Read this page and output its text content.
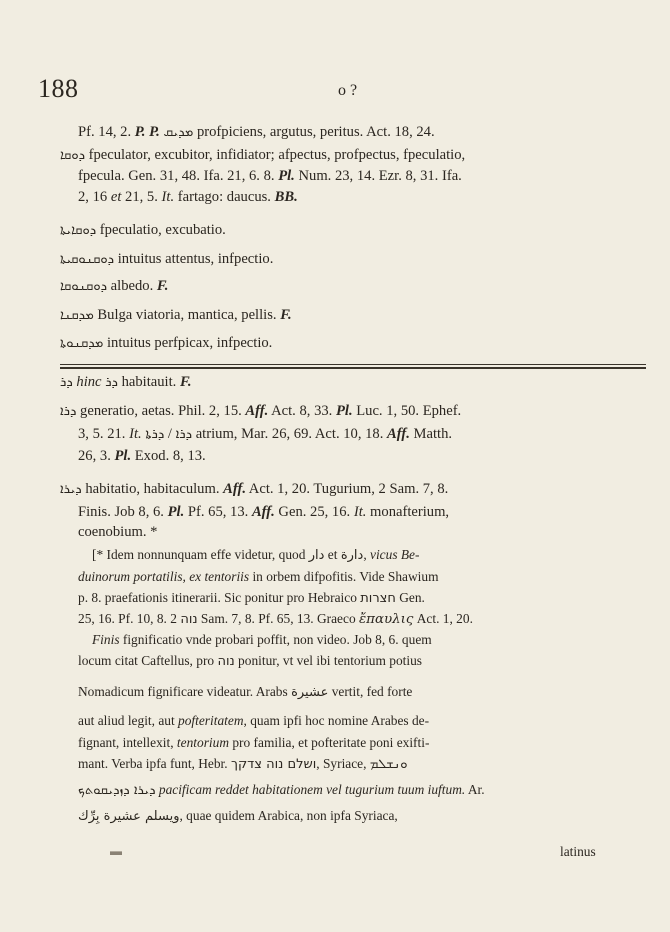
188	o ?
Pf. 14, 2. P. P. ܡܕܝܩ profpiciens, argutus, peritus. Act. 18, 24.
ܕܘܩܐ fpeculator, excubitor, infidiator; afpectus, profpectus, fpeculatio,
fpecula. Gen. 31, 48. Ifa. 21, 6. 8. Pl. Num. 23, 14. Ezr. 8, 31. Ifa.
2, 16 et 21, 5. It. fartago: daucus. BB.
ܕܘܩܐܝܬܐ fpeculatio, excubatio.
ܕܘܩܢܘܩܝܬܐ intuitus attentus, infpectio.
ܕܘܩܢܘܩܐ albedo. F.
ܡܕܩܢܐ Bulga viatoria, mantica, pellis. F.
ܡܕܩܢܘܬܐ intuitus perfpicax, infpectio.
ܕܪ hinc ܕܪ habitauit. F.
ܕܪܐ generatio, aetas. Phil. 2, 15. Aff. Act. 8, 33. Pl. Luc. 1, 50. Ephef.
3, 5. 21. It.	ܕܪܐ / ܕܪܬܐ atrium, Mar. 26, 69. Act. 10, 18. Aff. Matth.
26, 3. Pl. Exod. 8, 13.
ܕܝܪܐ habitatio, habitaculum. Aff. Act. 1, 20. Tugurium, 2 Sam. 7, 8.
Finis. Job 8, 6. Pl. Pf. 65, 13. Aff. Gen. 25, 16. It. monafterium,
coenobium. *
[* Idem nonnunquam effe videtur, quod دار et دارة, vicus Be-
duinorum portatilis, ex tentoriis in orbem difpofitis. Vide Shawium
p. 8. praefationis itinerarii. Sic ponitur pro Hebraico חצרות Gen.
25, 16. Pf. 10, 8. נוה 2 Sam. 7, 8. Pf. 65, 13. Graeco ἔπαυλις Act. 1, 20.
Finis fignificatio vnde probari poffit, non video. Job 8, 6. quem
locum citat Caftellus, pro נוה ponitur, vt vel ibi tentorium potius
Nomadicum fignificare videatur. Arabs عشيرة vertit, fed forte
aut aliud legit, aut pofteritatem, quam ipfi hoc nomine Arabes de-
fignant, intellexit, tentorium pro familia, et pofteritate poni exifti-
mant. Verba ipfa funt, Hebr. ושלם נוה צדקך, Syriace, ܘܢܫܠܡ
ܕܝܪܐ ܕܙܕܝܩܘܬܟ pacificam reddet habitationem vel tugurium tuum iuftum. Ar.
ويسلم عشيرة بِرِّك, quae quidem Arabica, non ipfa Syriaca,
latinus
▬
